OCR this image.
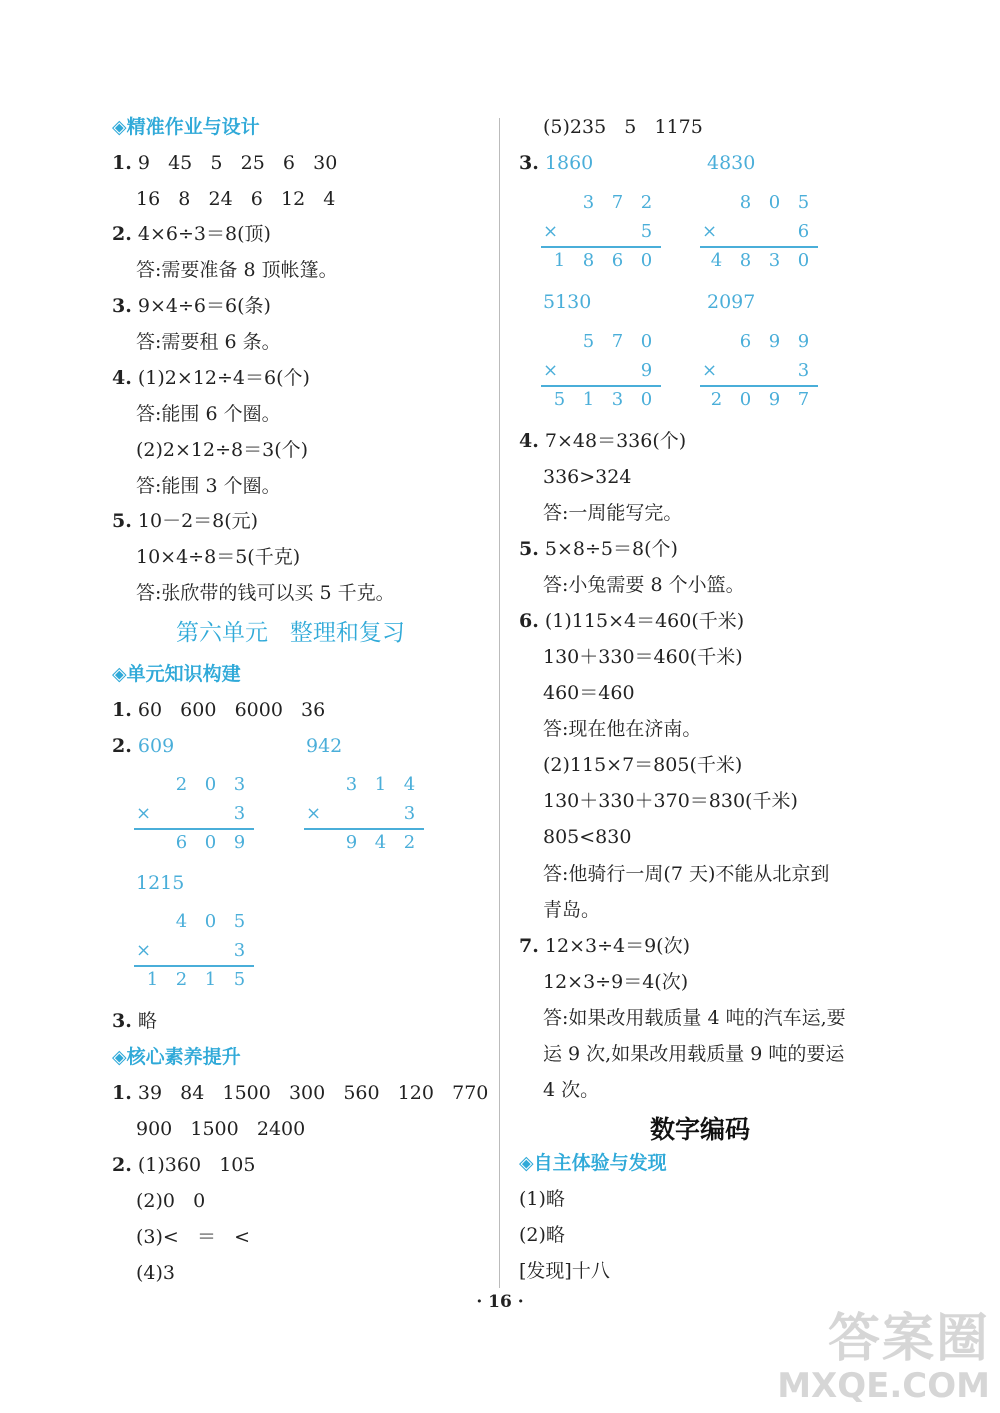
◈精准作业与设计
1. 9   45   5   25   6   30
16   8   24   6   12   4
2. 4×6÷3＝8(顶)
答:需要准备 8 顶帐篷。
3. 9×4÷6＝6(条)
答:需要租 6 条。
4. (1)2×12÷4＝6(个)
答:能围 6 个圈。
(2)2×12÷8＝3(个)
答:能围 3 个圈。
5. 10－2＝8(元)
10×4÷8＝5(千克)
答:张欣带的钱可以买 5 千克。
第六单元   整理和复习
◈单元知识构建
1. 60   600   6000   36
2. 609	942
2 0 3
×	3
6 0 9
3 1 4
×	3
9 4 2
1215
4 0 5
×	3
1 2 1 5
3. 略
◈核心素养提升
1. 39   84   1500   300   560   120   770
900   1500   2400
2. (1)360   105
(2)0   0
(3)<   ＝   <
(4)3
(5)235   5   1175
3. 1860	4830
3 7 2
×	5
1 8 6 0
8 0 5
×	6
4 8 3 0
5130	2097
5 7 0
×	9
5 1 3 0
6 9 9
×	3
2 0 9 7
4. 7×48＝336(个)
336>324
答:一周能写完。
5. 5×8÷5＝8(个)
答:小兔需要 8 个小篮。
6. (1)115×4＝460(千米)
130＋330＝460(千米)
460＝460
答:现在他在济南。
(2)115×7＝805(千米)
130＋330＋370＝830(千米)
805<830
答:他骑行一周(7 天)不能从北京到
青岛。
7. 12×3÷4＝9(次)
12×3÷9＝4(次)
答:如果改用载质量 4 吨的汽车运,要
运 9 次,如果改用载质量 9 吨的要运
4 次。
数字编码
◈自主体验与发现
(1)略
(2)略
[发现]十八
· 16 ·
答案圈
MXQE.COM
